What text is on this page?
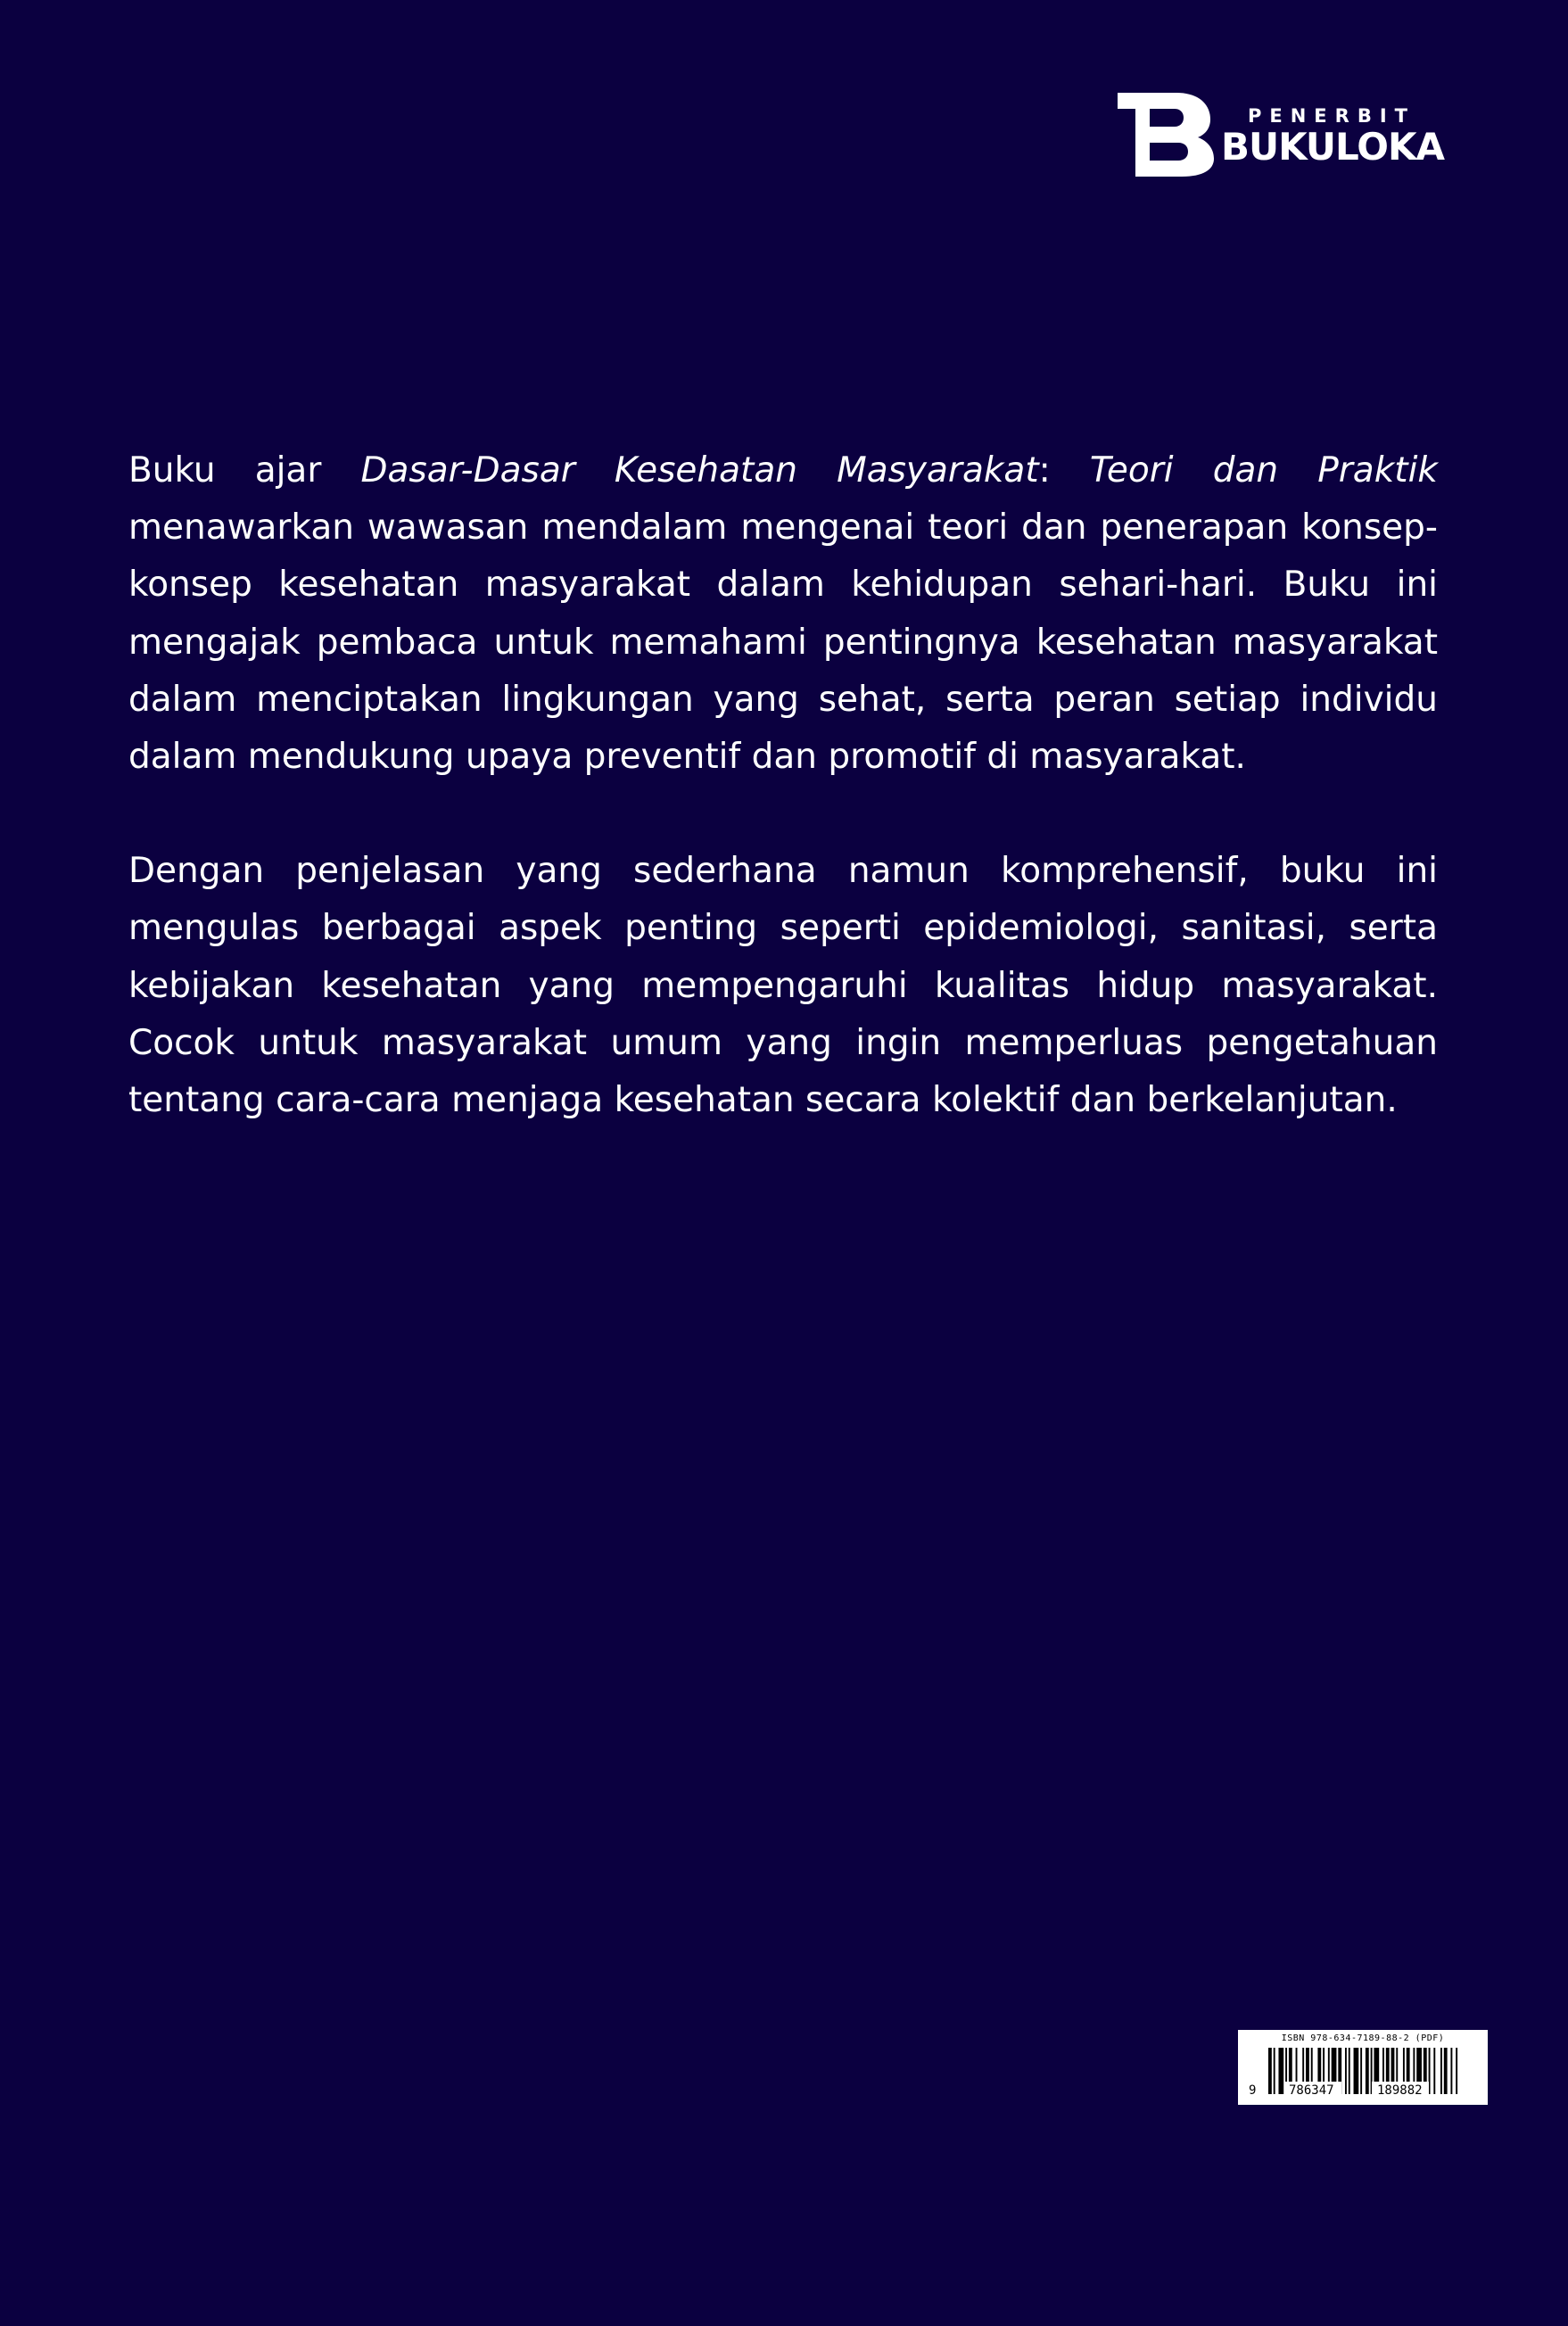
PENERBIT
BUKULOKA

Buku ajar Dasar-Dasar Kesehatan Masyarakat: Teori dan Praktik menawarkan wawasan mendalam mengenai teori dan penerapan konsep-konsep kesehatan masyarakat dalam kehidupan sehari-hari. Buku ini mengajak pembaca untuk memahami pentingnya kesehatan masyarakat dalam menciptakan lingkungan yang sehat, serta peran setiap individu dalam mendukung upaya preventif dan promotif di masyarakat.

Dengan penjelasan yang sederhana namun komprehensif, buku ini mengulas berbagai aspek penting seperti epidemiologi, sanitasi, serta kebijakan kesehatan yang mempengaruhi kualitas hidup masyarakat. Cocok untuk masyarakat umum yang ingin memperluas pengetahuan tentang cara-cara menjaga kesehatan secara kolektif dan berkelanjutan.

ISBN 978-634-7189-88-2 (PDF)
9	786347	189882
